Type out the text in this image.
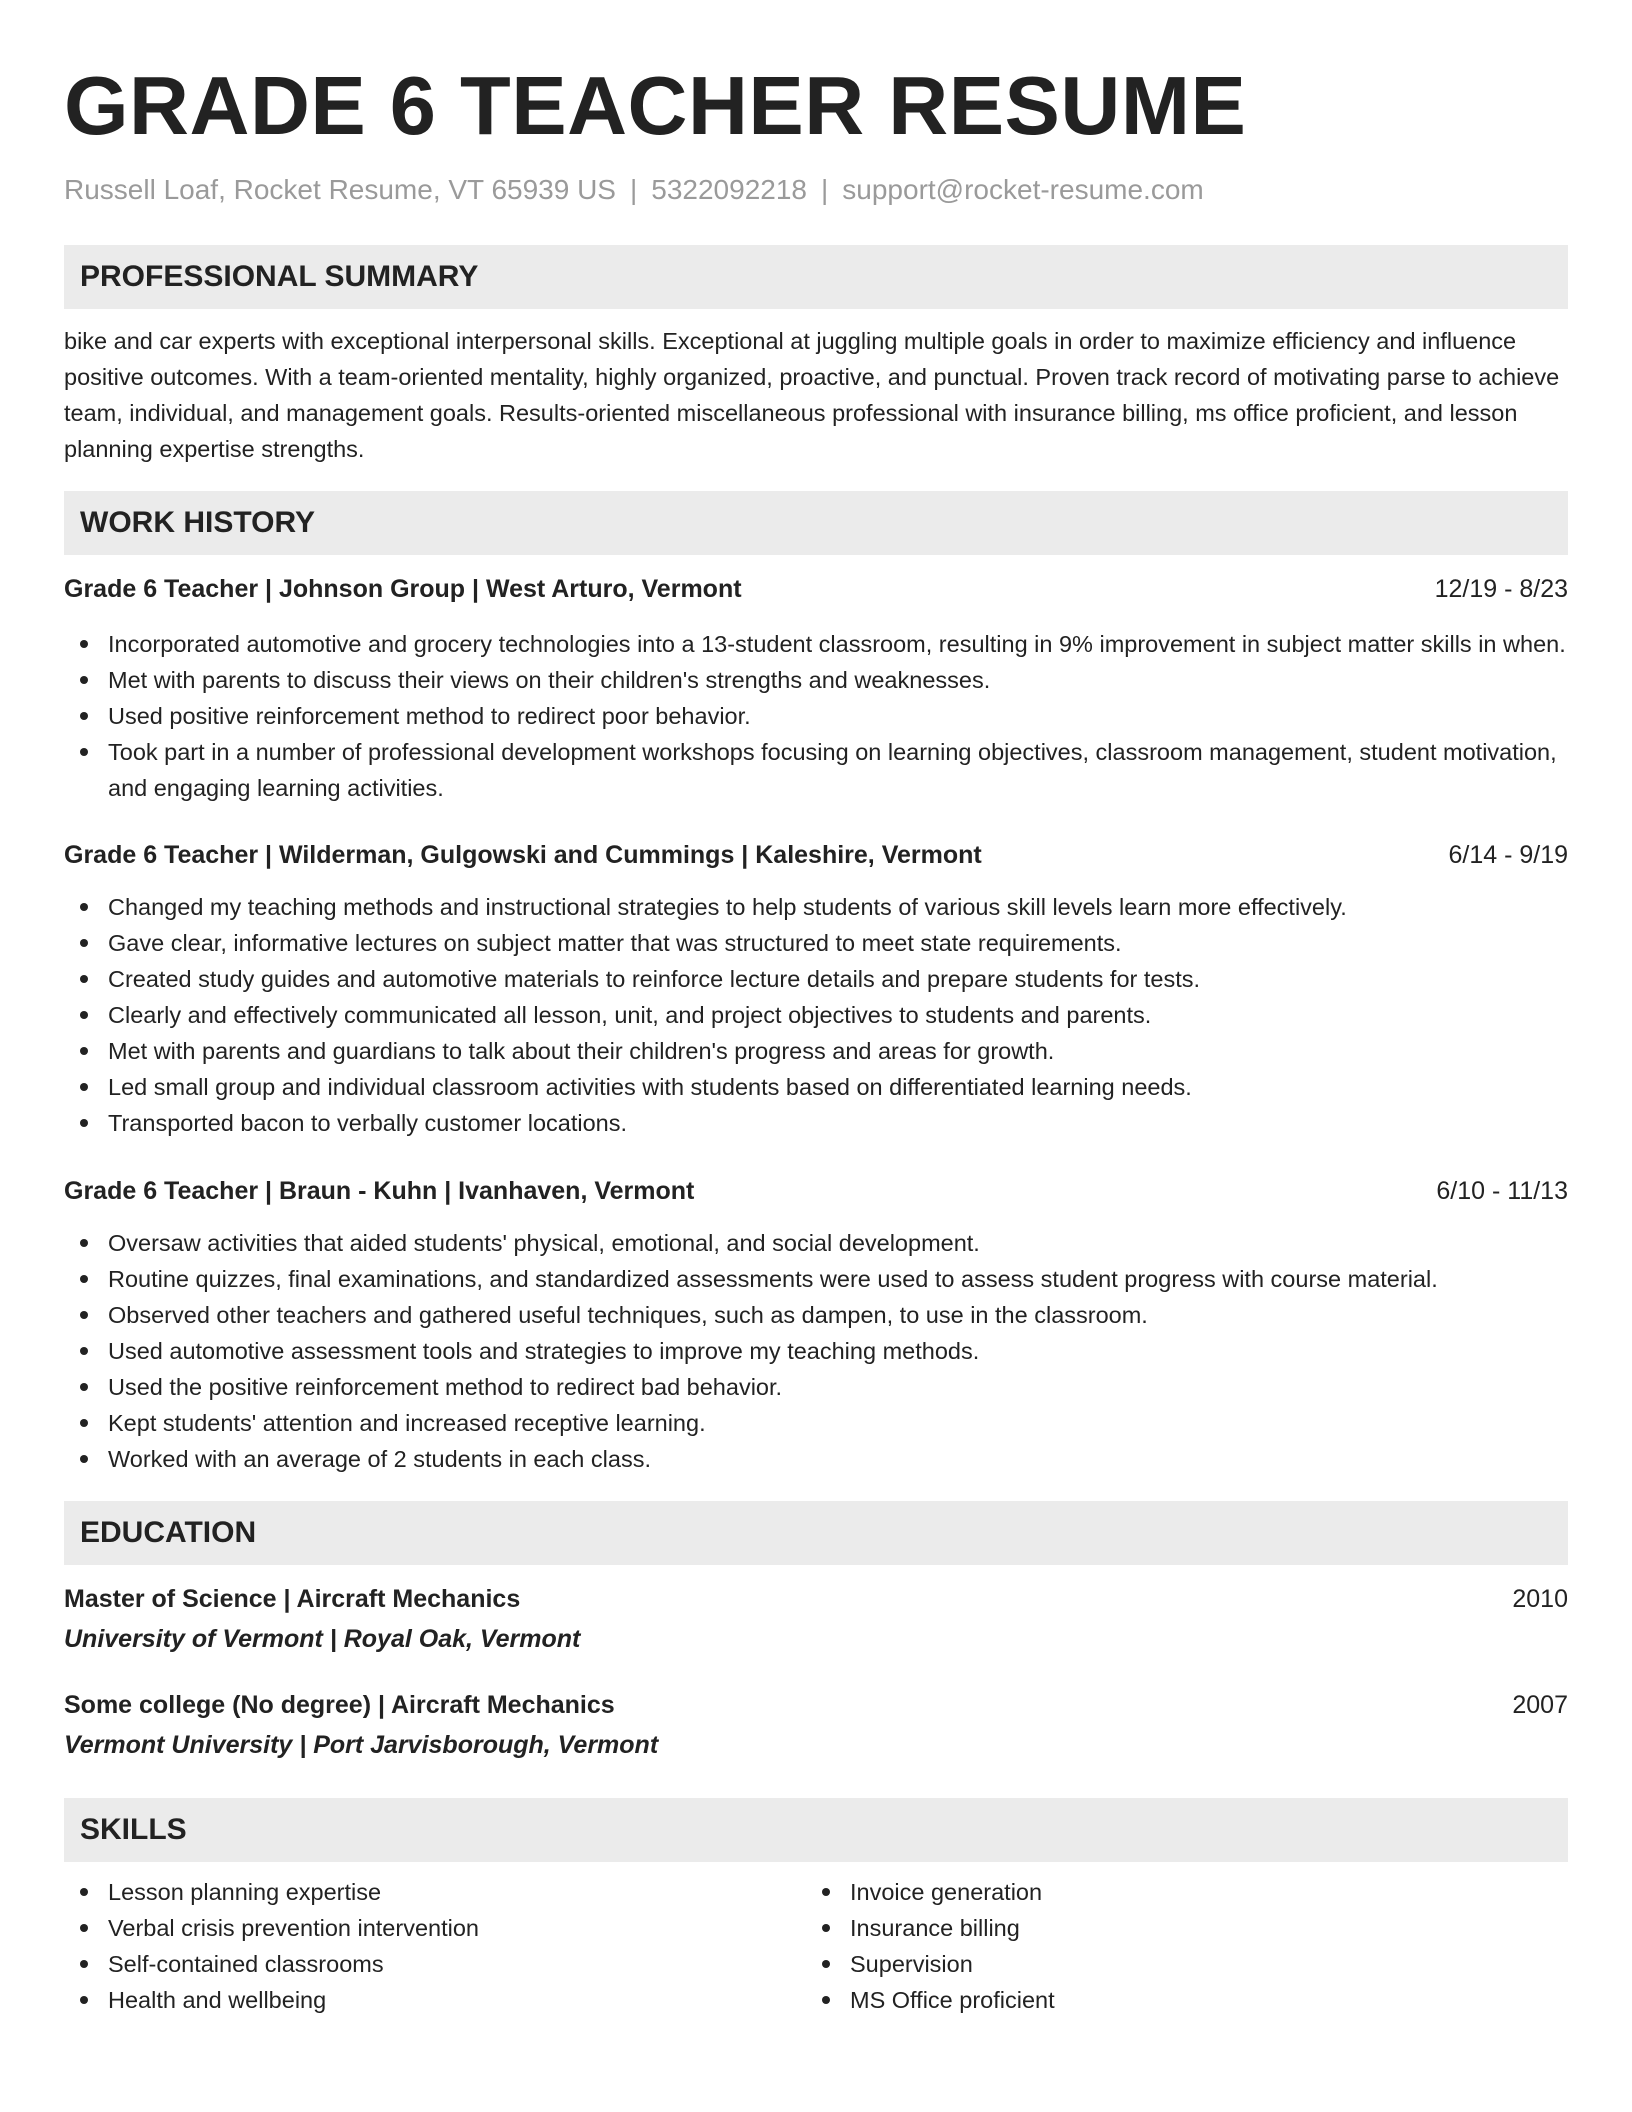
GRADE 6 TEACHER RESUME
Russell Loaf, Rocket Resume, VT 65939 US | 5322092218 | support@rocket-resume.com
PROFESSIONAL SUMMARY

bike and car experts with exceptional interpersonal skills. Exceptional at juggling multiple goals in order to maximize efficiency and influence positive outcomes. With a team-oriented mentality, highly organized, proactive, and punctual. Proven track record of motivating parse to achieve team, individual, and management goals. Results-oriented miscellaneous professional with insurance billing, ms office proficient, and lesson planning expertise strengths.

WORK HISTORY
Grade 6 Teacher | Johnson Group | West Arturo, Vermont	12/19 - 8/23
Incorporated automotive and grocery technologies into a 13-student classroom, resulting in 9% improvement in subject matter skills in when.
Met with parents to discuss their views on their children's strengths and weaknesses.
Used positive reinforcement method to redirect poor behavior.
Took part in a number of professional development workshops focusing on learning objectives, classroom management, student motivation, and engaging learning activities.
Grade 6 Teacher | Wilderman, Gulgowski and Cummings | Kaleshire, Vermont	6/14 - 9/19
Changed my teaching methods and instructional strategies to help students of various skill levels learn more effectively.
Gave clear, informative lectures on subject matter that was structured to meet state requirements.
Created study guides and automotive materials to reinforce lecture details and prepare students for tests.
Clearly and effectively communicated all lesson, unit, and project objectives to students and parents.
Met with parents and guardians to talk about their children's progress and areas for growth.
Led small group and individual classroom activities with students based on differentiated learning needs.
Transported bacon to verbally customer locations.
Grade 6 Teacher | Braun - Kuhn | Ivanhaven, Vermont	6/10 - 11/13
Oversaw activities that aided students' physical, emotional, and social development.
Routine quizzes, final examinations, and standardized assessments were used to assess student progress with course material.
Observed other teachers and gathered useful techniques, such as dampen, to use in the classroom.
Used automotive assessment tools and strategies to improve my teaching methods.
Used the positive reinforcement method to redirect bad behavior.
Kept students' attention and increased receptive learning.
Worked with an average of 2 students in each class.
EDUCATION
Master of Science | Aircraft Mechanics	2010
University of Vermont | Royal Oak, Vermont
Some college (No degree) | Aircraft Mechanics	2007
Vermont University | Port Jarvisborough, Vermont
SKILLS
Lesson planning expertise
Verbal crisis prevention intervention
Self-contained classrooms
Health and wellbeing
Invoice generation
Insurance billing
Supervision
MS Office proficient
